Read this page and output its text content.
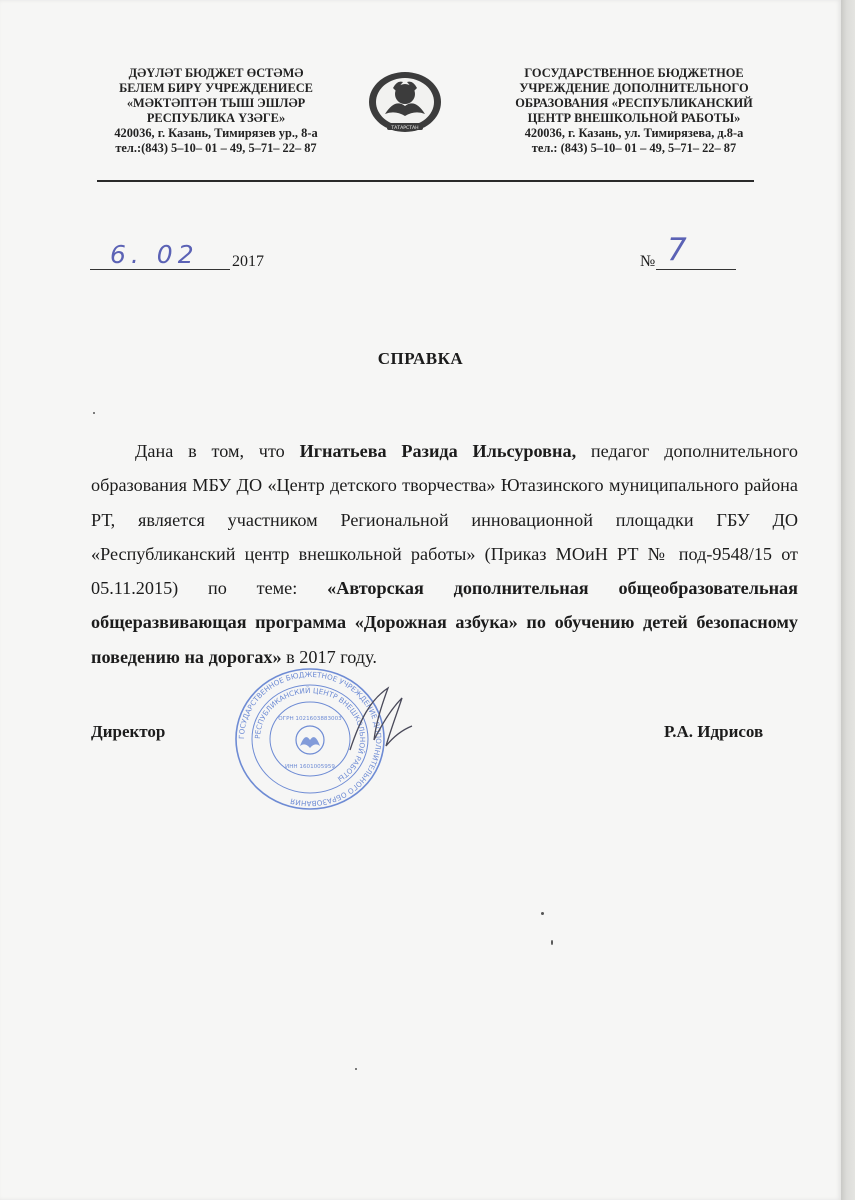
ДӘҮЛӘТ БЮДЖЕТ ӨСТӘМӘ
БЕЛЕМ БИРҮ УЧРЕЖДЕНИЕСЕ
«МӘКТӘПТӘН ТЫШ ЭШЛӘР
РЕСПУБЛИКА ҮЗӘГЕ»
420036, г. Казань, Тимирязев ур., 8-а
тел.:(843) 5–10– 01 – 49, 5–71– 22– 87
ТАТАРСТАН
ГОСУДАРСТВЕННОЕ БЮДЖЕТНОЕ
УЧРЕЖДЕНИЕ ДОПОЛНИТЕЛЬНОГО
ОБРАЗОВАНИЯ «РЕСПУБЛИКАНСКИЙ
ЦЕНТР ВНЕШКОЛЬНОЙ РАБОТЫ»
420036, г. Казань, ул. Тимирязева, д.8-а
тел.: (843) 5–10– 01 – 49, 5–71– 22– 87
6. 02 2017	№ 7
СПРАВКА

Дана в том, что Игнатьева Разида Ильсуровна, педагог дополнительного образования МБУ ДО «Центр детского творчества» Ютазинского муниципального района РТ, является участником Региональной инновационной площадки ГБУ ДО «Республиканский центр внешкольной работы» (Приказ МОиН РТ № под-9548/15 от 05.11.2015) по теме: «Авторская дополнительная общеобразовательная общеразвивающая программа «Дорожная азбука» по обучению детей безопасному поведению на дорогах» в 2017 году.

ГОСУДАРСТВЕННОЕ БЮДЖЕТНОЕ УЧРЕЖДЕНИЕ ДОПОЛНИТЕЛЬНОГО ОБРАЗОВАНИЯ
РЕСПУБЛИКАНСКИЙ ЦЕНТР ВНЕШКОЛЬНОЙ РАБОТЫ
ОГРН 1021603883003
ИНН 1601005959
Директор	Р.А. Идрисов
